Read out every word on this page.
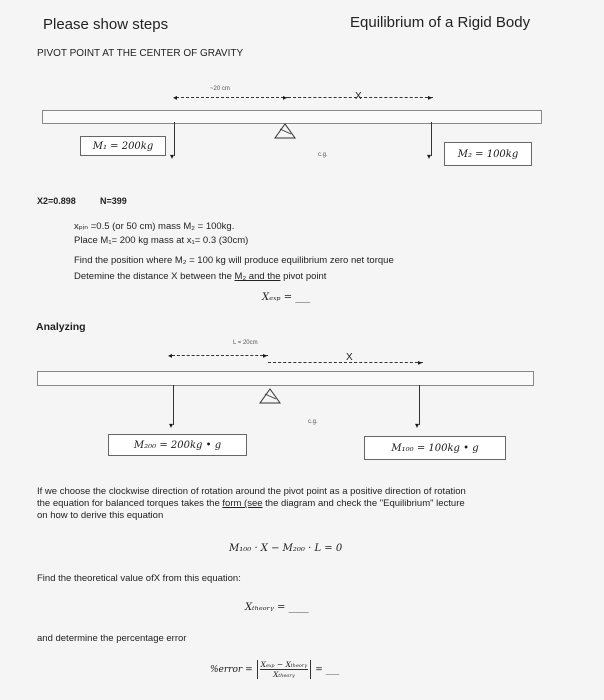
Please show steps	Equilibrium of a Rigid Body
PIVOT POINT AT THE CENTER OF GRAVITY
~20 cm
◂	▸	X	▸
c.g.
▾	▾
M₁ = 200kg
M₂ = 100kg
X2=0.898	N=399
xₚᵢₙ =0.5 (or 50 cm) mass M₂ = 100kg.
Place M₁= 200 kg mass at x₁= 0.3 (30cm)
Find the position where M₂ = 100 kg will produce equilibrium zero net torque
Detemine the distance X between the M₂ and the pivot point
Xₑₓₚ = ___
Analyzing
L = 20cm
◂	▸	X	▸
c.g.
▾	▾
M₂₀₀ = 200kg • g	M₁₀₀ = 100kg • g
If we choose the clockwise direction of rotation around the pivot point as a positive direction of rotation
the equation for balanced torques takes the form (see the diagram and check the "Equilibrium" lecture
on how to derive this equation
M₁₀₀ · X − M₂₀₀ · L = 0
Find the theoretical value ofX from this equation:
Xₜₕₑₒᵣᵧ = ____
and determine the percentage error
%error = $\frac{\text{Xₑₓₚ − Xₜₕₑₒᵣᵧ}}{\text{Xₜₕₑₒᵣᵧ}}$ = ___
